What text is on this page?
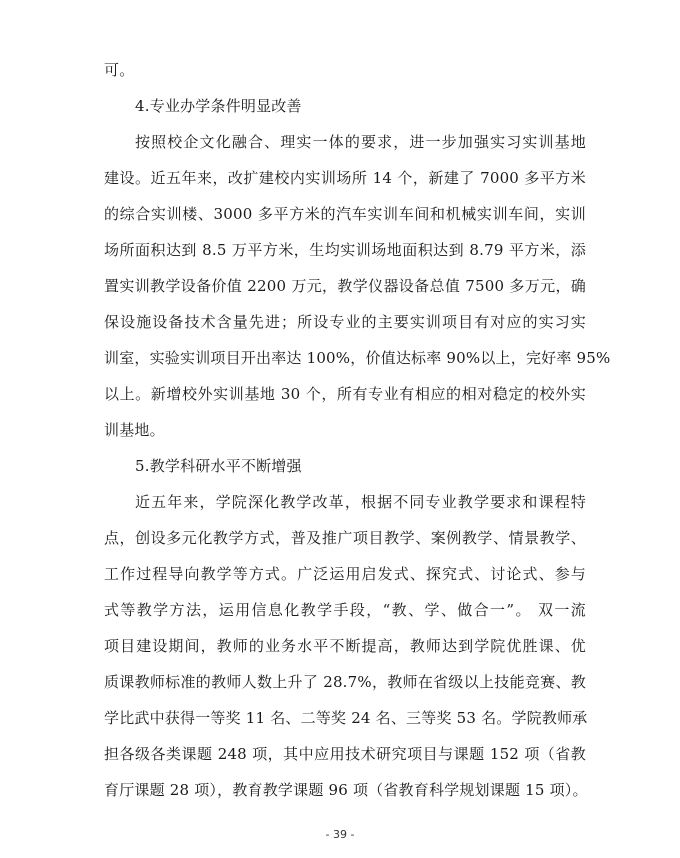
可。
4.专业办学条件明显改善
按照校企文化融合、理实一体的要求，进一步加强实习实训基地
建设。近五年来，改扩建校内实训场所 14 个，新建了 7000 多平方米
的综合实训楼、3000 多平方米的汽车实训车间和机械实训车间，实训
场所面积达到 8.5 万平方米，生均实训场地面积达到 8.79 平方米，添
置实训教学设备价值 2200 万元，教学仪器设备总值 7500 多万元，确
保设施设备技术含量先进；所设专业的主要实训项目有对应的实习实
训室，实验实训项目开出率达 100%，价值达标率 90%以上，完好率 95%
以上。新增校外实训基地 30 个，所有专业有相应的相对稳定的校外实
训基地。
5.教学科研水平不断增强
近五年来，学院深化教学改革，根据不同专业教学要求和课程特
点，创设多元化教学方式，普及推广项目教学、案例教学、情景教学、
工作过程导向教学等方式。广泛运用启发式、探究式、讨论式、参与
式等教学方法，运用信息化教学手段，“教、学、做合一”。 双一流
项目建设期间，教师的业务水平不断提高，教师达到学院优胜课、优
质课教师标准的教师人数上升了 28.7%，教师在省级以上技能竞赛、教
学比武中获得一等奖 11 名、二等奖 24 名、三等奖 53 名。学院教师承
担各级各类课题 248 项，其中应用技术研究项目与课题 152 项（省教
育厅课题 28 项），教育教学课题 96 项（省教育科学规划课题 15 项）。
- 39 -
